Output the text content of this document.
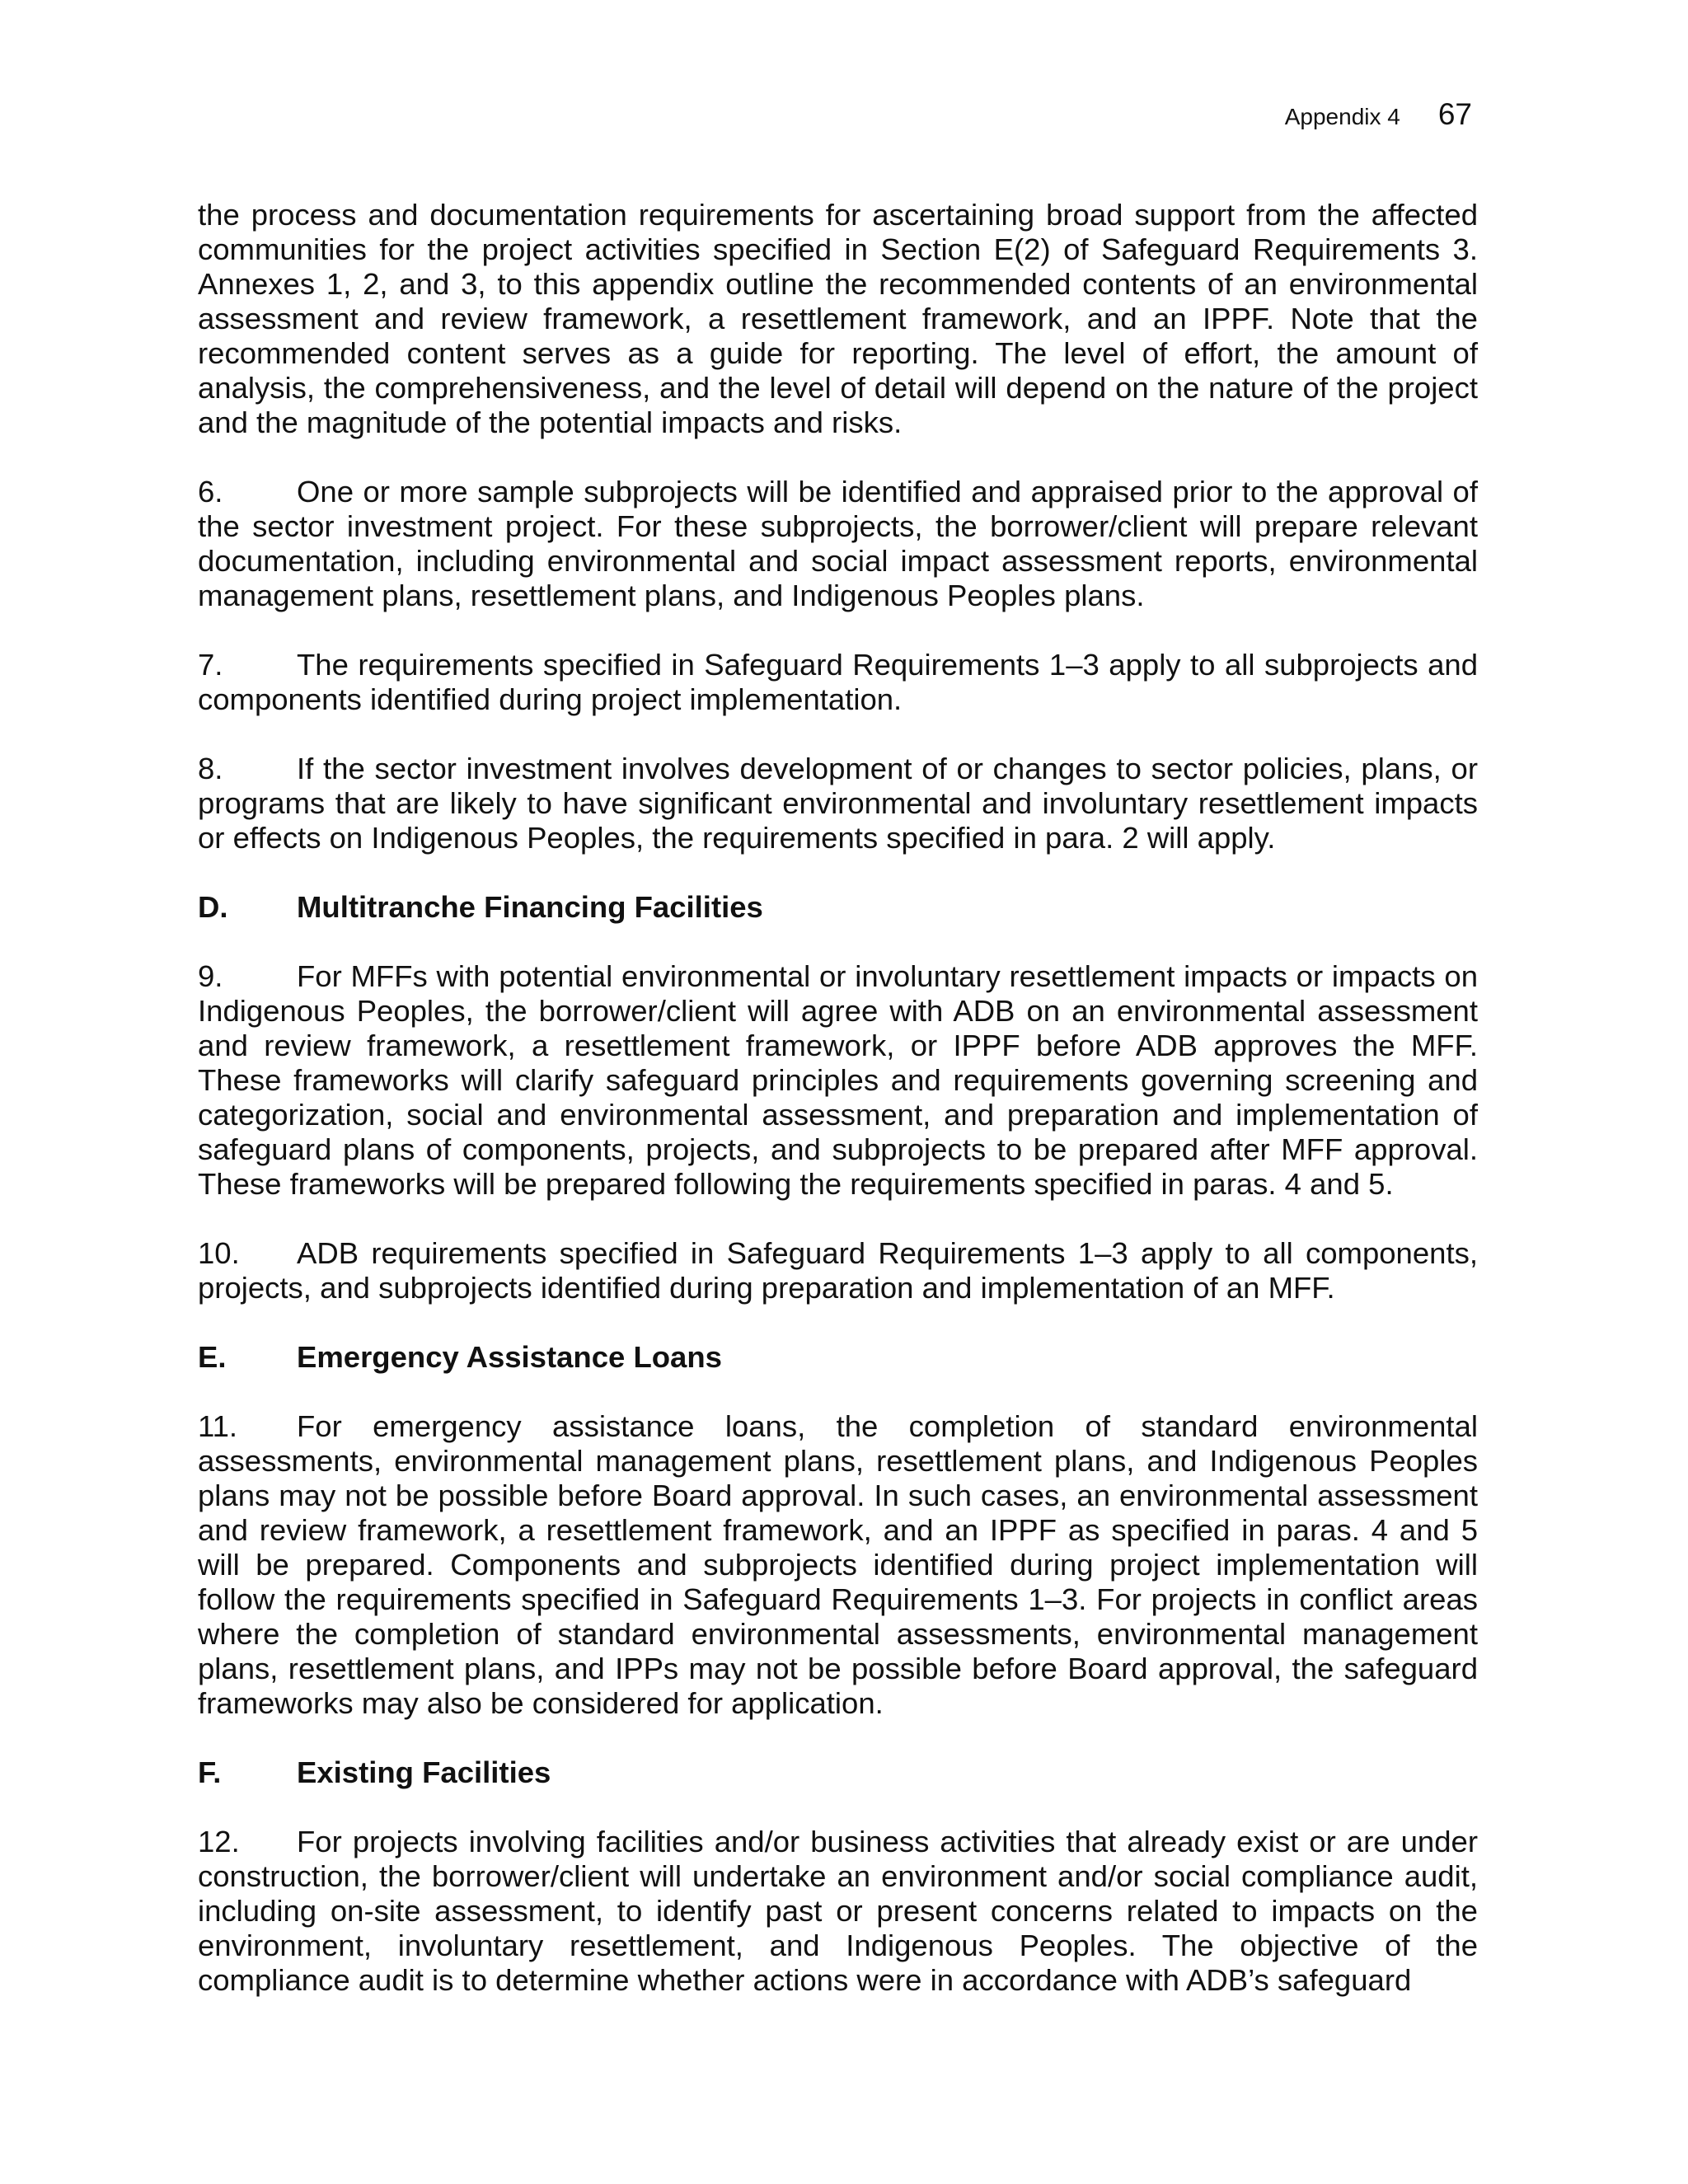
Appendix 4 67

the process and documentation requirements for ascertaining broad support from the affected communities for the project activities specified in Section E(2) of Safeguard Requirements 3. Annexes 1, 2, and 3, to this appendix outline the recommended contents of an environmental assessment and review framework, a resettlement framework, and an IPPF. Note that the recommended content serves as a guide for reporting. The level of effort, the amount of analysis, the comprehensiveness, and the level of detail will depend on the nature of the project and the magnitude of the potential impacts and risks.

6. One or more sample subprojects will be identified and appraised prior to the approval of the sector investment project. For these subprojects, the borrower/client will prepare relevant documentation, including environmental and social impact assessment reports, environmental management plans, resettlement plans, and Indigenous Peoples plans.

7. The requirements specified in Safeguard Requirements 1–3 apply to all subprojects and components identified during project implementation.

8. If the sector investment involves development of or changes to sector policies, plans, or programs that are likely to have significant environmental and involuntary resettlement impacts or effects on Indigenous Peoples, the requirements specified in para. 2 will apply.

D.	Multitranche Financing Facilities

9. For MFFs with potential environmental or involuntary resettlement impacts or impacts on Indigenous Peoples, the borrower/client will agree with ADB on an environmental assessment and review framework, a resettlement framework, or IPPF before ADB approves the MFF. These frameworks will clarify safeguard principles and requirements governing screening and categorization, social and environmental assessment, and preparation and implementation of safeguard plans of components, projects, and subprojects to be prepared after MFF approval. These frameworks will be prepared following the requirements specified in paras. 4 and 5.

10. ADB requirements specified in Safeguard Requirements 1–3 apply to all components, projects, and subprojects identified during preparation and implementation of an MFF.

E.	Emergency Assistance Loans

11. For emergency assistance loans, the completion of standard environmental assessments, environmental management plans, resettlement plans, and Indigenous Peoples plans may not be possible before Board approval. In such cases, an environmental assessment and review framework, a resettlement framework, and an IPPF as specified in paras. 4 and 5 will be prepared. Components and subprojects identified during project implementation will follow the requirements specified in Safeguard Requirements 1–3. For projects in conflict areas where the completion of standard environmental assessments, environmental management plans, resettlement plans, and IPPs may not be possible before Board approval, the safeguard frameworks may also be considered for application.

F.	Existing Facilities

12. For projects involving facilities and/or business activities that already exist or are under construction, the borrower/client will undertake an environment and/or social compliance audit, including on-site assessment, to identify past or present concerns related to impacts on the environment, involuntary resettlement, and Indigenous Peoples. The objective of the compliance audit is to determine whether actions were in accordance with ADB’s safeguard
